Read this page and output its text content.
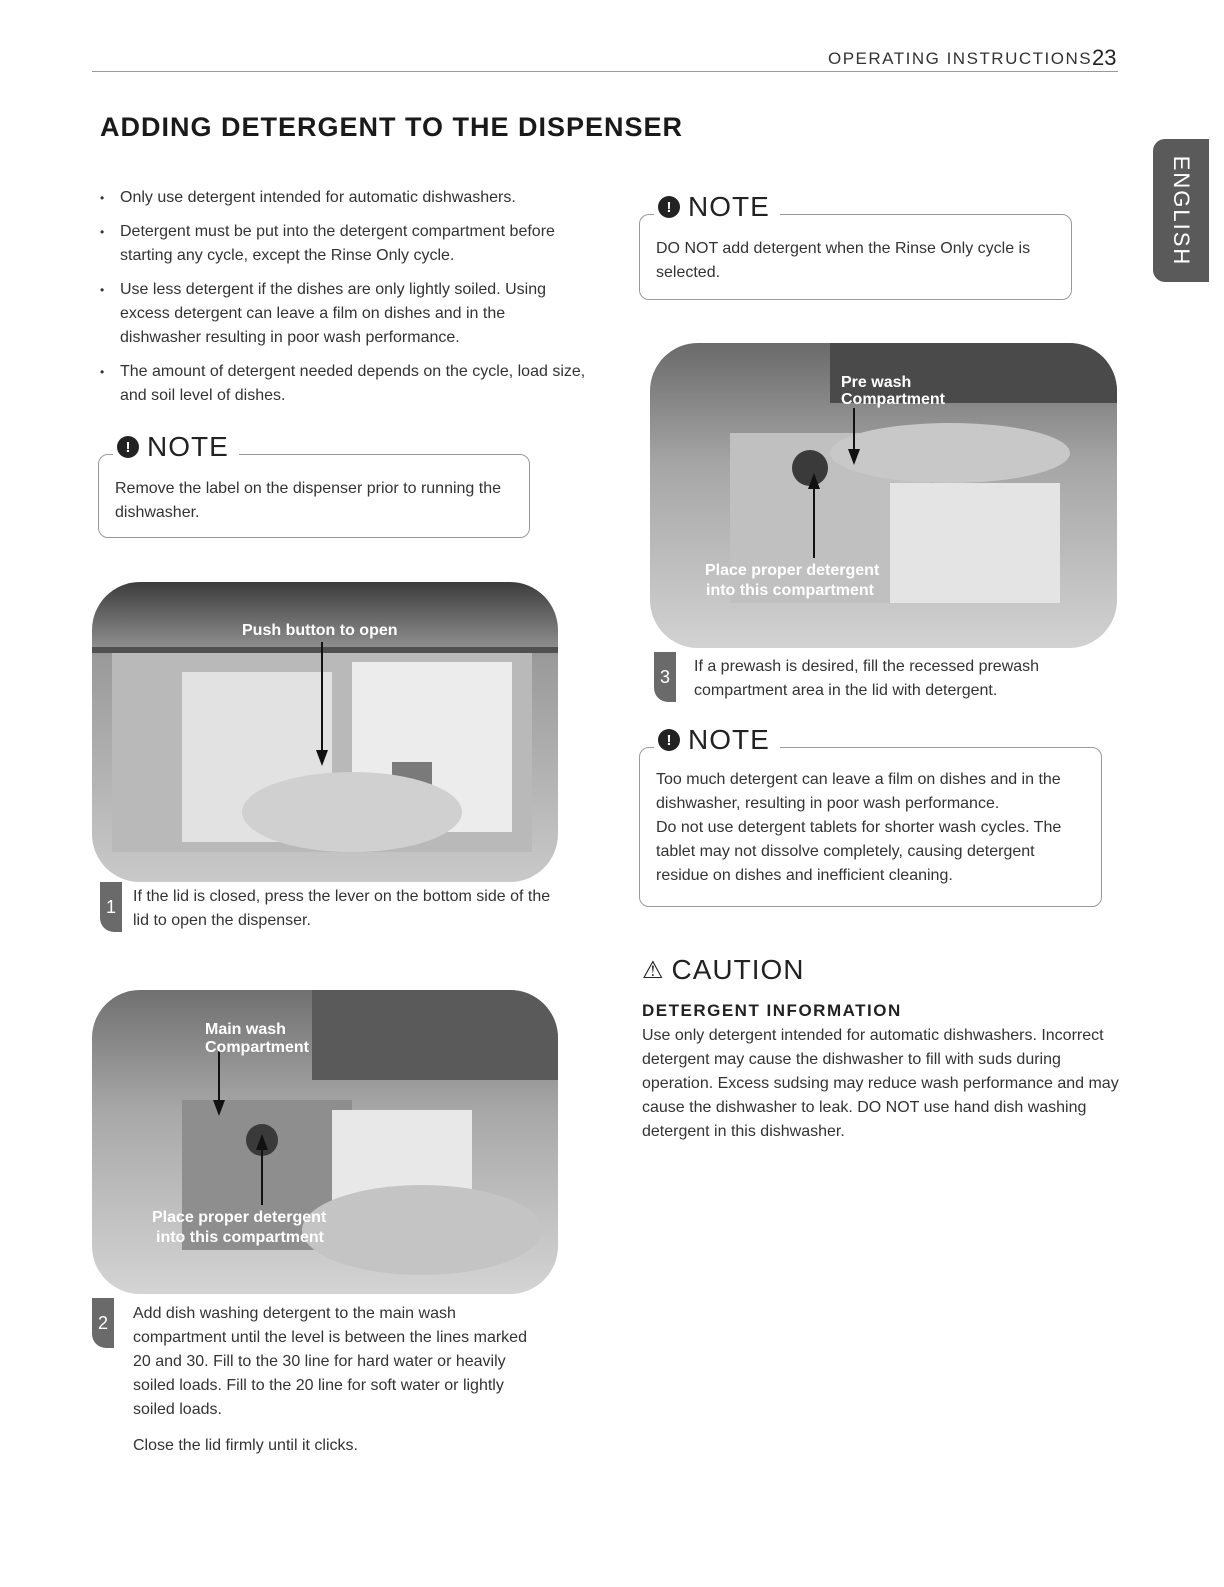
OPERATING INSTRUCTIONS 23
ADDING DETERGENT TO THE DISPENSER
ENGLISH
• Only use detergent intended for automatic dishwashers.
• Detergent must be put into the detergent compartment before starting any cycle, except the Rinse Only cycle.
• Use less detergent if the dishes are only lightly soiled. Using excess detergent can leave a film on dishes and in the dishwasher resulting in poor wash performance.
• The amount of detergent needed depends on the cycle, load size, and soil level of dishes.
! NOTE
Remove the label on the dispenser prior to running the dishwasher.
Push button to open
1	If the lid is closed, press the lever on the bottom side of the lid to open the dispenser.

Main wash
Compartment
Place proper detergent
into this compartment
2	Add dish washing detergent to the main wash compartment until the level is between the lines marked 20 and 30. Fill to the 30 line for hard water or heavily soiled loads. Fill to the 20 line for soft water or lightly soiled loads.

Close the lid firmly until it clicks.

! NOTE
DO NOT add detergent when the Rinse Only cycle is selected.
Pre wash
Compartment
Place proper detergent
into this compartment
3	If a prewash is desired, fill the recessed prewash compartment area in the lid with detergent.

! NOTE
Too much detergent can leave a film on dishes and in the dishwasher, resulting in poor wash performance.
Do not use detergent tablets for shorter wash cycles. The tablet may not dissolve completely, causing detergent residue on dishes and inefficient cleaning.
⚠ CAUTION

DETERGENT INFORMATION

Use only detergent intended for automatic dishwashers. Incorrect detergent may cause the dishwasher to fill with suds during operation. Excess sudsing may reduce wash performance and may cause the dishwasher to leak. DO NOT use hand dish washing detergent in this dishwasher.
